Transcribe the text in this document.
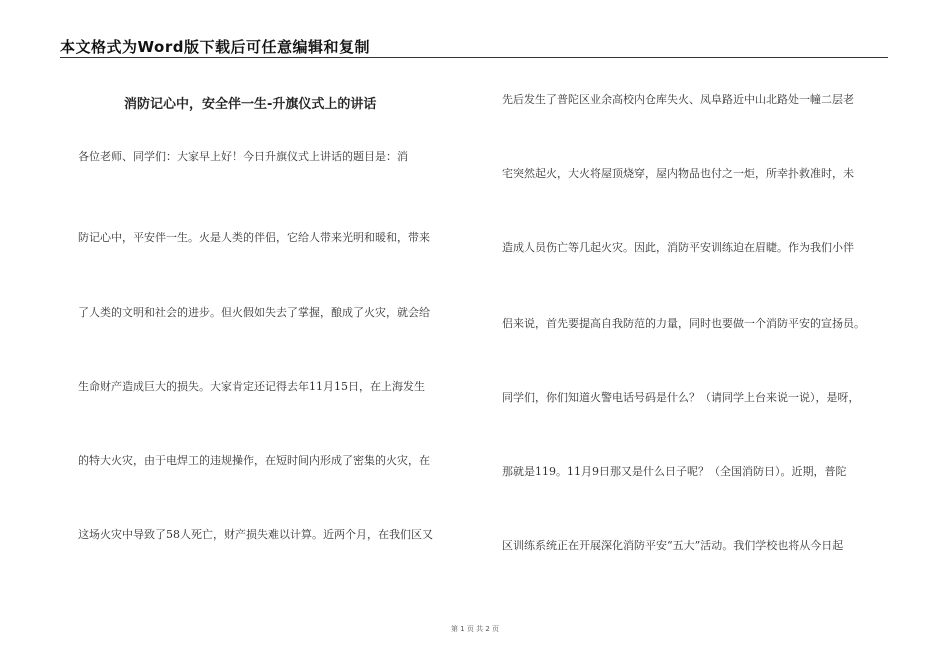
本文格式为Word版下载后可任意编辑和复制
消防记心中，安全伴一生-升旗仪式上的讲话
各位老师、同学们：大家早上好！今日升旗仪式上讲话的题目是：消
防记心中，平安伴一生。火是人类的伴侣，它给人带来光明和暖和，带来
了人类的文明和社会的进步。但火假如失去了掌握，酿成了火灾，就会给
生命财产造成巨大的损失。大家肯定还记得去年11月15日，在上海发生
的特大火灾，由于电焊工的违规操作，在短时间内形成了密集的火灾，在
这场火灾中导致了58人死亡，财产损失难以计算。近两个月，在我们区又
先后发生了普陀区业余高校内仓库失火、凤阜路近中山北路处一幢二层老
宅突然起火，大火将屋顶烧穿，屋内物品也付之一炬，所幸扑救准时，未
造成人员伤亡等几起火灾。因此，消防平安训练迫在眉睫。作为我们小伴
侣来说，首先要提高自我防范的力量，同时也要做一个消防平安的宣扬员。
同学们，你们知道火警电话号码是什么？（请同学上台来说一说），是呀，
那就是119。11月9日那又是什么日子呢？（全国消防日）。近期，普陀
区训练系统正在开展深化消防平安“五大”活动。我们学校也将从今日起
第 1 页 共 2 页
